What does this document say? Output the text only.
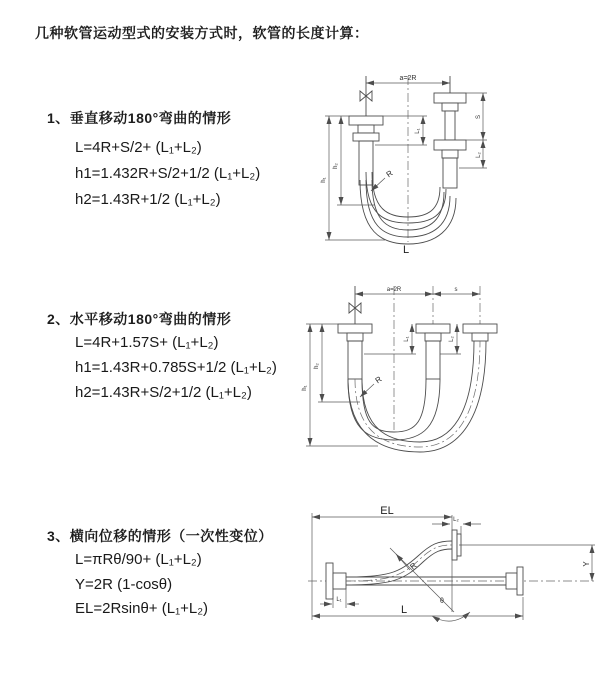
几种软管运动型式的安装方式时，软管的长度计算：
1、垂直移动180°弯曲的情形
L=4R+S/2+ (L₁+L₂)
h1=1.432R+S/2+1/2 (L₁+L₂)
h2=1.43R+1/2 (L₁+L₂)
2、水平移动180°弯曲的情形
L=4R+1.57S+ (L₁+L₂)
h1=1.43R+0.785S+1/2 (L₁+L₂)
h2=1.43R+S/2+1/2 (L₁+L₂)
3、横向位移的情形（一次性变位）
L=πRθ/90+ (L₁+L₂)
Y=2R (1-cosθ)
EL=2Rsinθ+ (L₁+L₂)
a=2R
h₁
h₂
L₁
S
L₂
R
L
a=2R	s
h₁
h₂
L₁	L₂
R
θ
R
EL
L₂
Y
L₁
L
